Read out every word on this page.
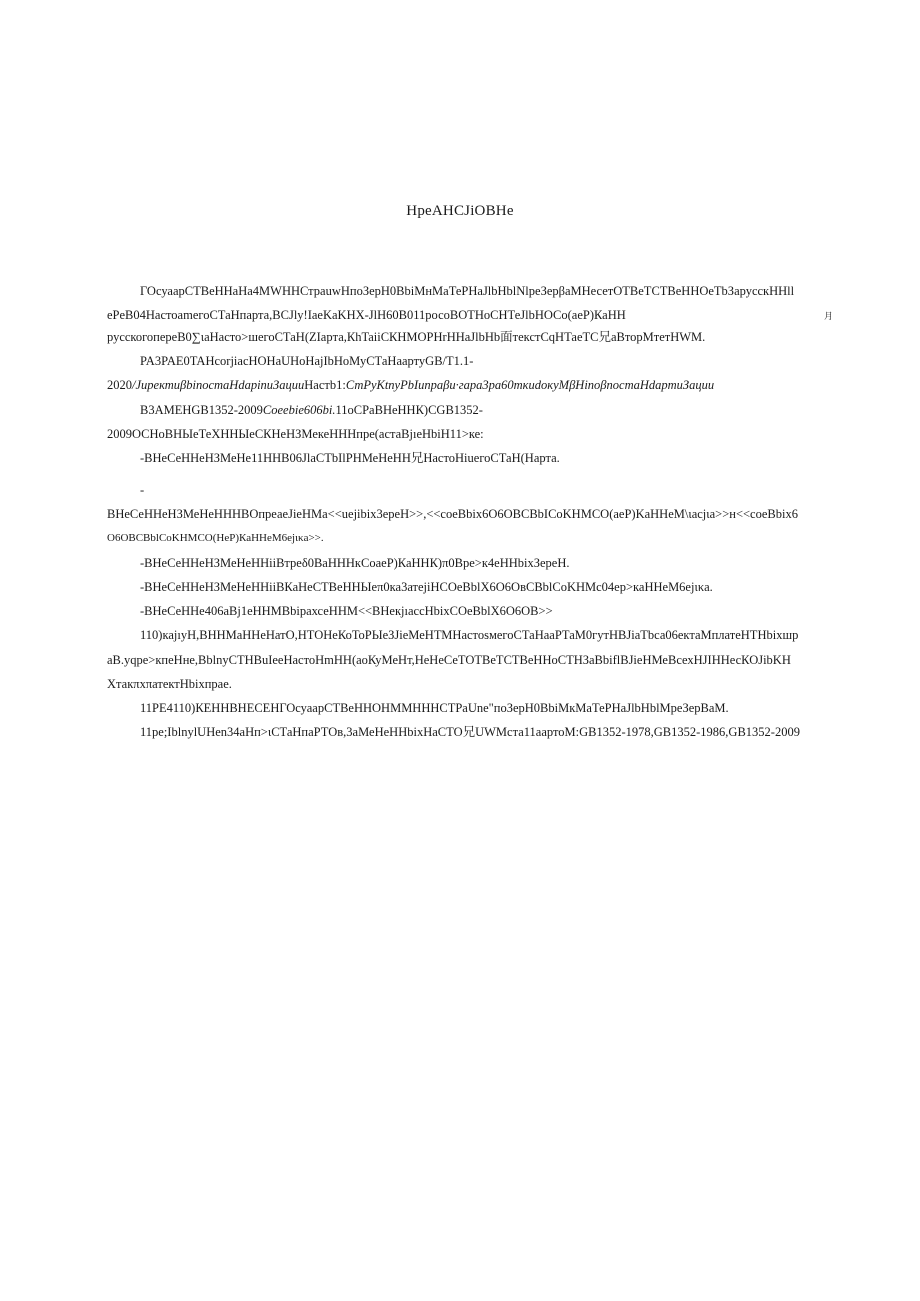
HpeAHCJiOBHe
ГОсуаарСТВеННаНа4МWННСтраuwНпоЗерН0ВbiМнМаТеРНаJlbНblNlpeЗерβаМНесетОТВеТСТВеННОеТbЗарусскННll
ePeB04НастоamегоСТаНпарта,BCJly!IaeKaKНX-JlН60В011росоВОТНоСНТеJlbНОСо(аеР)КаНН	月
русскогопереВ0∑ιаНасто>шегоСТаН(ZIapта,КhTaiiCКНМОРНrННаJlbНb面текстCqНТаеТС兄аВторМтетНWМ.
PA3PAE0TAНcorjiacНОНаUНоНајIbНоМуСТаНаартуGB/T1.1-
2020/JиректиβbinocтaHdapinиЗaцииНастb1:СтРуКtnyPbIипраβи·гapa3pa60ткиdокуМβHinoβnocтaHdapтиЗaции
B3AMEHGB1352-2009Coeebie606bi.11oCPаВНеННК)CGB1352-
2009ОСНоВНЫеТеХННЫеСКНеНЗМекеНННпре(астаВјıеНbiН11>ке:
-ВНеСеННеНЗМеНе11ННВ06JlаСТbIlPНМеНеНН兄НастоНiuегоСТаН(Нарта.
-
ВНеСеННеНЗМеНеНННВОпреаeJieНМа<<uejibix3ерeН>>,<<coeBbix6O6OBCBbICoKHMCO(aeP)KaHHeM\ιacjιa>>н<<coeBbix6
O6OBCBblCoKHMCO(НеР)КаННеМ6еjικа>>.
-ВНеСеННеНЗМеНеННiiВтреδ0ВаНННкСоаеР)КаННК)π0Вре>к4еННbiхЗерeН.
-ВНеСеННеНЗМеНеННiiВКаНеСТВеННЫеπ0ка3атеjiНСОеВblХ6O6OвCBblCoKHMc04ер>каННеМ6еjικа.
-ВНеСеННе406аВj1еННМВbipахсеННМ<<ВНекјıассНbixСОеВblХ6O6OB>>
110)кајıуН,ВННМаННеНатО,НТОНеКоТоРЫеЗJieМеНТМНастоsмегоСТаНааРТаМ0гутНВЈiаТbса06ектаМплатеНТНbixшр
aB.уqре>кпеНне,ВblnyСТНВuIееНастоНmНН(аоКуМеНт,НеНеСеТОТВеТСТВеННоСТНЗаВbiflВJieНМеВсехНЈIННесКОJibKН
ХтакπхπатектНbixпрае.
11PE4110)КЕННВНЕСЕНГОсуаарСТВеННОНММНННСТРаUne"поЗерН0ВbiМкМаТеРНаJlbНblМреЗерВаМ.
11ре;IblnylUНеn34аНп>ιСТаНпаРТОв,3аМеНеННbiхНаСТО兄UWМста11аартоМ:GB1352-1978,GB1352-1986,GB1352-2009
